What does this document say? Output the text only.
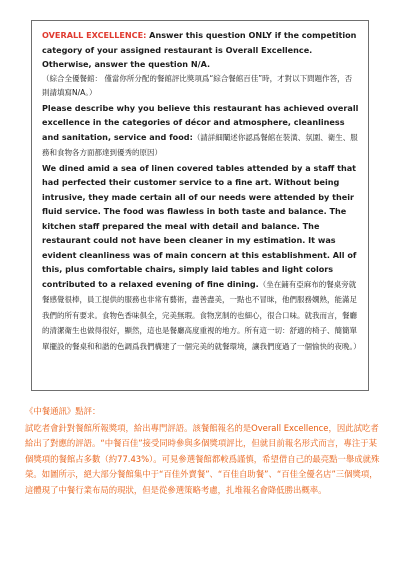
OVERALL EXCELLENCE: Answer this question ONLY if the competition category of your assigned restaurant is Overall Excellence. Otherwise, answer the question N/A.

（綜合全優餐館： 僅當你所分配的餐館評比獎項爲“綜合餐館百佳”時，才對以下問題作答，否則請填寫N/A。）

Please describe why you believe this restaurant has achieved overall excellence in the categories of décor and atmosphere, cleanliness and sanitation, service and food:（請詳細闡述你認爲餐館在裝潢、氛圍、衛生、服務和食物各方面都達到優秀的原因）

We dined amid a sea of linen covered tables attended by a staff that had perfected their customer service to a fine art. Without being intrusive, they made certain all of our needs were attended by their fluid service. The food was flawless in both taste and balance. The kitchen staff prepared the meal with detail and balance. The restaurant could not have been cleaner in my estimation. It was evident cleanliness was of main concern at this establishment. All of this, plus comfortable chairs, simply laid tables and light colors contributed to a relaxed evening of fine dining.（坐在鋪有亞麻布的餐桌旁就餐感覺很棒，員工提供的服務也非常有藝術，盡善盡美，一點也不冒昧，他們服務嫺熟，能滿足我們的所有要求。食物色香味俱全，完美無瑕。食物烹制的也細心，很合口味。就我而言，餐廳的清潔衛生也做得很好，顯然，這也是餐廳高度重視的地方。所有這一切：舒適的椅子、簡簡單單擺設的餐桌和和諧的色調爲我們構建了一個完美的就餐環境，讓我們度過了一個愉快的夜晚。）

《中餐通訊》點評：

試吃者會針對餐館所報獎項，給出專門評語。該餐館報名的是Overall Excellence，因此試吃者給出了對應的評語。“中餐百佳”接受同時參與多個獎項評比，但就目前報名形式而言，專注于某個獎項的餐館占多數（約77.43%）。可見參選餐館都較爲謹慎，希望借自己的最亮點一舉成就殊榮。如圖所示，絕大部分餐館集中于“百佳外賣餐”、“百佳自助餐”、“百佳全優名店”三個獎項，這體現了中餐行業布局的現狀，但是從參選策略考慮，扎堆報名會降低勝出概率。
